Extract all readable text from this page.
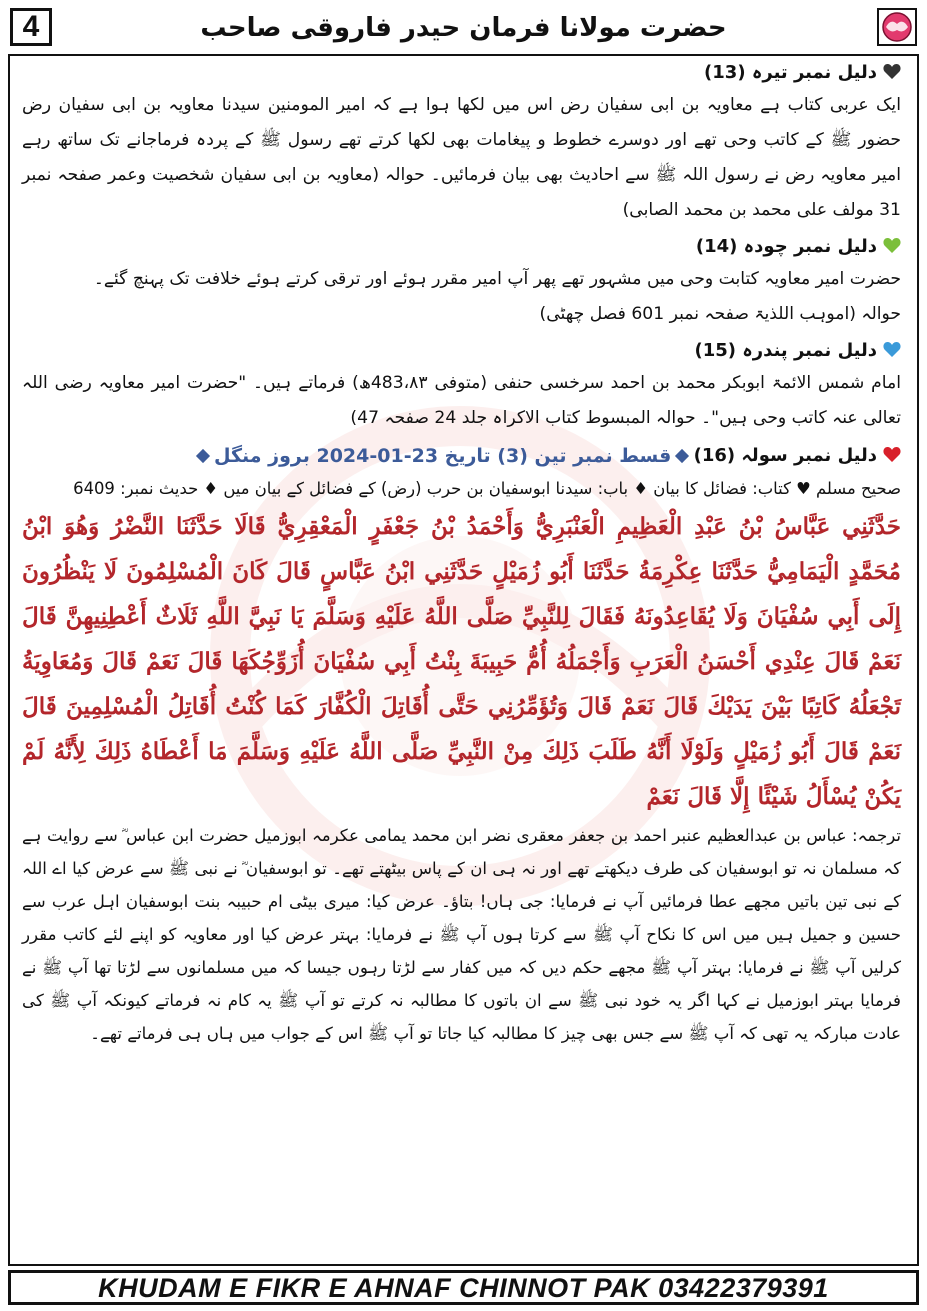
4	حضرت مولانا فرمان حیدر فاروقی صاحب
دلیل نمبر تیرہ (13)
ایک عربی کتاب ہے معاویہ بن ابی سفیان رض اس میں لکھا ہوا ہے کہ امیر المومنین سیدنا معاویہ بن ابی سفیان رض حضور ﷺ کے کاتب وحی تھے اور دوسرے خطوط و پیغامات بھی لکھا کرتے تھے رسول ﷺ کے پردہ فرماجانے تک ساتھ رہے امیر معاویہ رض نے رسول اللہ ﷺ سے احادیث بھی بیان فرمائیں۔ حوالہ (معاویہ بن ابی سفیان شخصیت وعمر صفحہ نمبر 31 مولف علی محمد بن محمد الصابی)
دلیل نمبر چودہ (14)
حضرت امیر معاویہ کتابت وحی میں مشہور تھے پھر آپ امیر مقرر ہوئے اور ترقی کرتے ہوئے خلافت تک پہنچ گئے۔
حوالہ (اموہب اللذیۃ صفحہ نمبر 601 فصل چھٹی)
دلیل نمبر پندرہ (15)
امام شمس الائمۃ ابوبکر محمد بن احمد سرخسی حنفی (متوفی 483،۸۳ھ) فرماتے ہیں۔ "حضرت امیر معاویہ رضی اللہ تعالی عنہ کاتب وحی ہیں"۔ حوالہ المبسوط کتاب الاکراہ جلد 24 صفحہ 47)
دلیل نمبر سولہ (16)
قسط نمبر تین (3) تاریخ 23-01-2024 بروز منگل
صحیح مسلم ♥ کتاب: فضائل کا بیان ♦ باب: سیدنا ابوسفیان بن حرب (رض) کے فضائل کے بیان میں ♦ حدیث نمبر: 6409
حَدَّثَنِي عَبَّاسُ بْنُ عَبْدِ الْعَظِيمِ الْعَنْبَرِيُّ وَأَحْمَدُ بْنُ جَعْفَرٍ الْمَعْقِرِيُّ قَالَا حَدَّثَنَا النَّضْرُ وَهُوَ ابْنُ مُحَمَّدٍ الْيَمَامِيُّ حَدَّثَنَا عِكْرِمَةُ حَدَّثَنَا أَبُو زُمَيْلٍ حَدَّثَنِي ابْنُ عَبَّاسٍ قَالَ كَانَ الْمُسْلِمُونَ لَا يَنْظُرُونَ إِلَى أَبِي سُفْيَانَ وَلَا يُقَاعِدُونَهُ فَقَالَ لِلنَّبِيِّ صَلَّى اللَّهُ عَلَيْهِ وَسَلَّمَ يَا نَبِيَّ اللَّهِ ثَلَاثٌ أَعْطِنِيهِنَّ قَالَ نَعَمْ قَالَ عِنْدِي أَحْسَنُ الْعَرَبِ وَأَجْمَلُهُ أُمُّ حَبِيبَةَ بِنْتُ أَبِي سُفْيَانَ أُزَوِّجُكَهَا قَالَ نَعَمْ قَالَ وَمُعَاوِيَةُ تَجْعَلُهُ كَاتِبًا بَيْنَ يَدَيْكَ قَالَ نَعَمْ قَالَ وَتُؤَمِّرُنِي حَتَّى أُقَاتِلَ الْكُفَّارَ كَمَا كُنْتُ أُقَاتِلُ الْمُسْلِمِينَ قَالَ نَعَمْ قَالَ أَبُو زُمَيْلٍ وَلَوْلَا أَنَّهُ طَلَبَ ذَلِكَ مِنْ النَّبِيِّ صَلَّى اللَّهُ عَلَيْهِ وَسَلَّمَ مَا أَعْطَاهُ ذَلِكَ لِأَنَّهُ لَمْ يَكُنْ يُسْأَلُ شَيْئًا إِلَّا قَالَ نَعَمْ
ترجمہ: عباس بن عبدالعظیم عنبر احمد بن جعفر معقری نضر ابن محمد یمامی عکرمہ ابوزمیل حضرت ابن عباس ؓ سے روایت ہے کہ مسلمان نہ تو ابوسفیان کی طرف دیکھتے تھے اور نہ ہی ان کے پاس بیٹھتے تھے۔ تو ابوسفیان ؓ نے نبی ﷺ سے عرض کیا اے اللہ کے نبی تین باتیں مجھے عطا فرمائیں آپ نے فرمایا: جی ہاں! بتاؤ۔ عرض کیا: میری بیٹی ام حبیبہ بنت ابوسفیان اہل عرب سے حسین و جمیل ہیں میں اس کا نکاح آپ ﷺ سے کرتا ہوں آپ ﷺ نے فرمایا: بہتر عرض کیا اور معاویہ کو اپنے لئے کاتب مقرر کرلیں آپ ﷺ نے فرمایا: بہتر آپ ﷺ مجھے حکم دیں کہ میں کفار سے لڑتا رہوں جیسا کہ میں مسلمانوں سے لڑتا تھا آپ ﷺ نے فرمایا بہتر ابوزمیل نے کہا اگر یہ خود نبی ﷺ سے ان باتوں کا مطالبہ نہ کرتے تو آپ ﷺ یہ کام نہ فرماتے کیونکہ آپ ﷺ کی عادت مبارکہ یہ تھی کہ آپ ﷺ سے جس بھی چیز کا مطالبہ کیا جاتا تو آپ ﷺ اس کے جواب میں ہاں ہی فرماتے تھے۔
KHUDAM E FIKR E AHNAF CHINNOT PAK 03422379391
